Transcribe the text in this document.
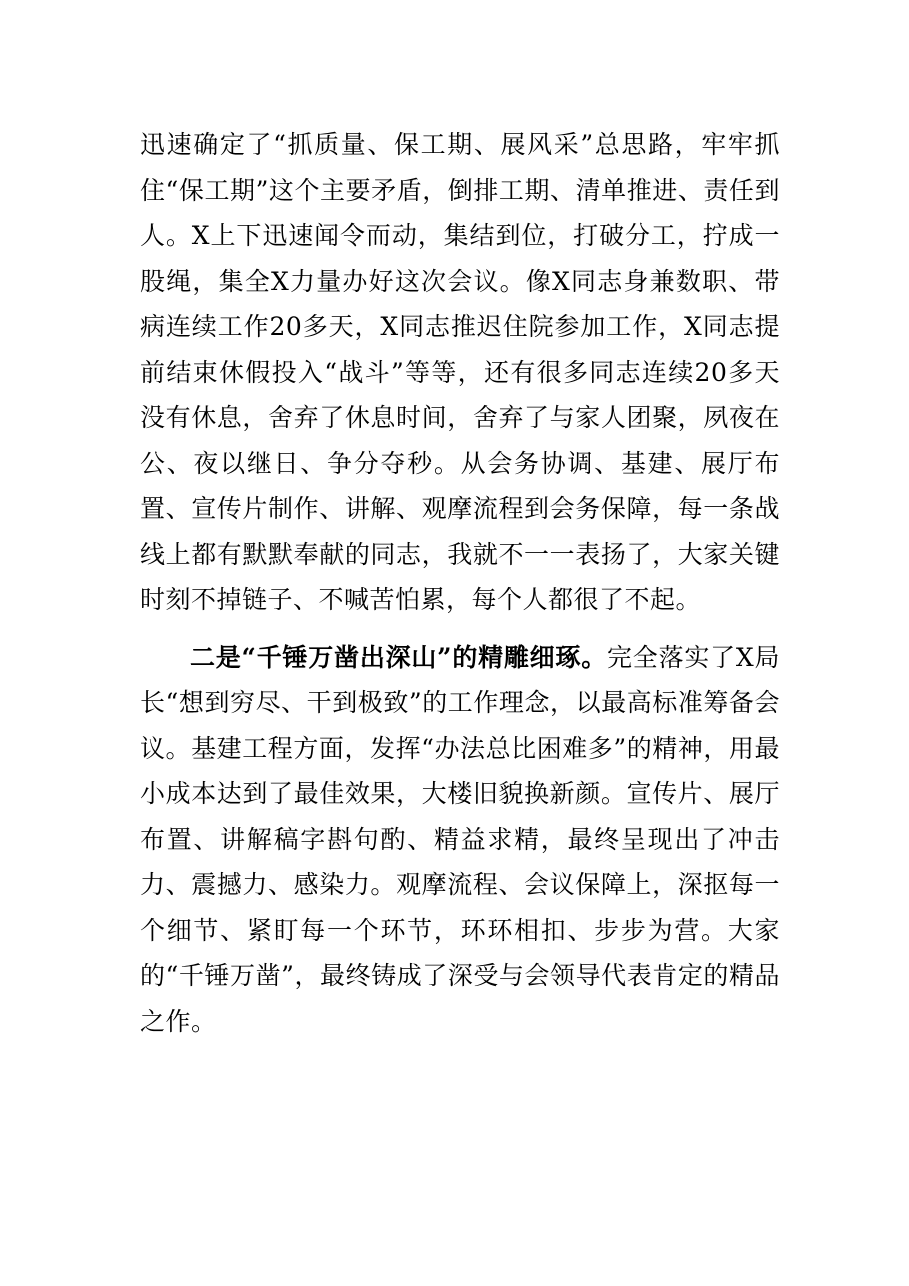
迅速确定了“抓质量、保工期、展风采”总思路，牢牢抓住“保工期”这个主要矛盾，倒排工期、清单推进、责任到人。X上下迅速闻令而动，集结到位，打破分工，拧成一股绳，集全X力量办好这次会议。像X同志身兼数职、带病连续工作20多天，X同志推迟住院参加工作，X同志提前结束休假投入“战斗”等等，还有很多同志连续20多天没有休息，舍弃了休息时间，舍弃了与家人团聚，夙夜在公、夜以继日、争分夺秒。从会务协调、基建、展厅布置、宣传片制作、讲解、观摩流程到会务保障，每一条战线上都有默默奉献的同志，我就不一一表扬了，大家关键时刻不掉链子、不喊苦怕累，每个人都很了不起。

二是“千锤万凿出深山”的精雕细琢。完全落实了X局长“想到穷尽、干到极致”的工作理念，以最高标准筹备会议。基建工程方面，发挥“办法总比困难多”的精神，用最小成本达到了最佳效果，大楼旧貌换新颜。宣传片、展厅布置、讲解稿字斟句酌、精益求精，最终呈现出了冲击力、震撼力、感染力。观摩流程、会议保障上，深抠每一个细节、紧盯每一个环节，环环相扣、步步为营。大家的“千锤万凿”，最终铸成了深受与会领导代表肯定的精品之作。
